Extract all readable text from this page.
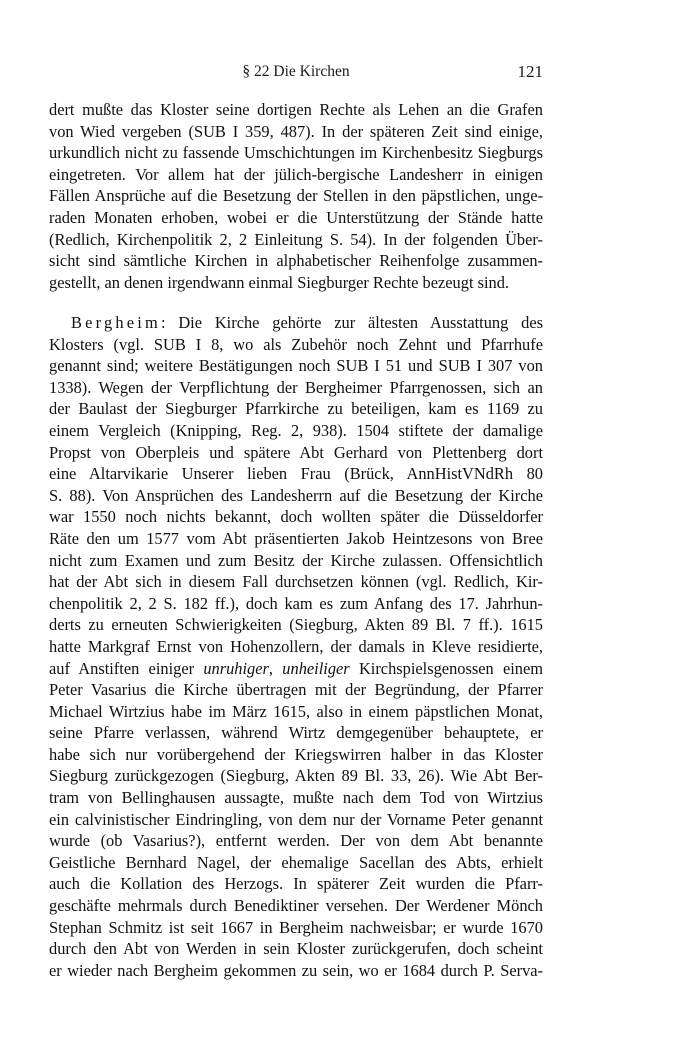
§ 22 Die Kirchen	121
dert mußte das Kloster seine dortigen Rechte als Lehen an die Grafen
von Wied vergeben (SUB I 359, 487). In der späteren Zeit sind einige,
urkundlich nicht zu fassende Umschichtungen im Kirchenbesitz Siegburgs
eingetreten. Vor allem hat der jülich-bergische Landesherr in einigen
Fällen Ansprüche auf die Besetzung der Stellen in den päpstlichen, unge-
raden Monaten erhoben, wobei er die Unterstützung der Stände hatte
(Redlich, Kirchenpolitik 2, 2 Einleitung S. 54). In der folgenden Über-
sicht sind sämtliche Kirchen in alphabetischer Reihenfolge zusammen-
gestellt, an denen irgendwann einmal Siegburger Rechte bezeugt sind.
Bergheim: Die Kirche gehörte zur ältesten Ausstattung des
Klosters (vgl. SUB I 8, wo als Zubehör noch Zehnt und Pfarrhufe
genannt sind; weitere Bestätigungen noch SUB I 51 und SUB I 307 von
1338). Wegen der Verpflichtung der Bergheimer Pfarrgenossen, sich an
der Baulast der Siegburger Pfarrkirche zu beteiligen, kam es 1169 zu
einem Vergleich (Knipping, Reg. 2, 938). 1504 stiftete der damalige
Propst von Oberpleis und spätere Abt Gerhard von Plettenberg dort
eine Altarvikarie Unserer lieben Frau (Brück, AnnHistVNdRh 80
S. 88). Von Ansprüchen des Landesherrn auf die Besetzung der Kirche
war 1550 noch nichts bekannt, doch wollten später die Düsseldorfer
Räte den um 1577 vom Abt präsentierten Jakob Heintzesons von Bree
nicht zum Examen und zum Besitz der Kirche zulassen. Offensichtlich
hat der Abt sich in diesem Fall durchsetzen können (vgl. Redlich, Kir-
chenpolitik 2, 2 S. 182 ff.), doch kam es zum Anfang des 17. Jahrhun-
derts zu erneuten Schwierigkeiten (Siegburg, Akten 89 Bl. 7 ff.). 1615
hatte Markgraf Ernst von Hohenzollern, der damals in Kleve residierte,
auf Anstiften einiger unruhiger, unheiliger Kirchspielsgenossen einem
Peter Vasarius die Kirche übertragen mit der Begründung, der Pfarrer
Michael Wirtzius habe im März 1615, also in einem päpstlichen Monat,
seine Pfarre verlassen, während Wirtz demgegenüber behauptete, er
habe sich nur vorübergehend der Kriegswirren halber in das Kloster
Siegburg zurückgezogen (Siegburg, Akten 89 Bl. 33, 26). Wie Abt Ber-
tram von Bellinghausen aussagte, mußte nach dem Tod von Wirtzius
ein calvinistischer Eindringling, von dem nur der Vorname Peter genannt
wurde (ob Vasarius?), entfernt werden. Der von dem Abt benannte
Geistliche Bernhard Nagel, der ehemalige Sacellan des Abts, erhielt
auch die Kollation des Herzogs. In späterer Zeit wurden die Pfarr-
geschäfte mehrmals durch Benediktiner versehen. Der Werdener Mönch
Stephan Schmitz ist seit 1667 in Bergheim nachweisbar; er wurde 1670
durch den Abt von Werden in sein Kloster zurückgerufen, doch scheint
er wieder nach Bergheim gekommen zu sein, wo er 1684 durch P. Serva-
